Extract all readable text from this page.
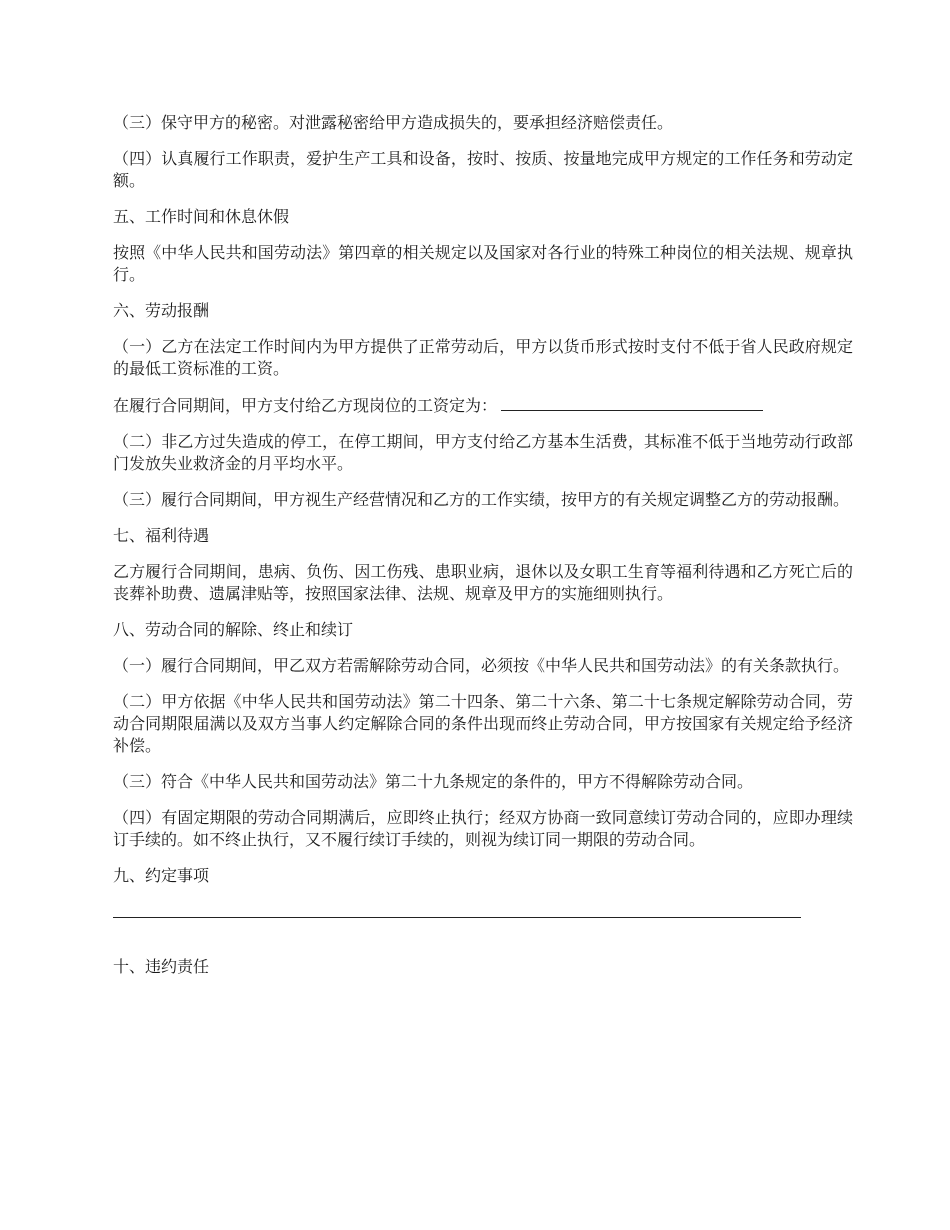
（三）保守甲方的秘密。对泄露秘密给甲方造成损失的，要承担经济赔偿责任。

（四）认真履行工作职责，爱护生产工具和设备，按时、按质、按量地完成甲方规定的工作任务和劳动定额。

五、工作时间和休息休假

按照《中华人民共和国劳动法》第四章的相关规定以及国家对各行业的特殊工种岗位的相关法规、规章执行。

六、劳动报酬

（一）乙方在法定工作时间内为甲方提供了正常劳动后，甲方以货币形式按时支付不低于省人民政府规定的最低工资标准的工资。

在履行合同期间，甲方支付给乙方现岗位的工资定为：

（二）非乙方过失造成的停工，在停工期间，甲方支付给乙方基本生活费，其标准不低于当地劳动行政部门发放失业救济金的月平均水平。

（三）履行合同期间，甲方视生产经营情况和乙方的工作实绩，按甲方的有关规定调整乙方的劳动报酬。

七、福利待遇

乙方履行合同期间，患病、负伤、因工伤残、患职业病，退休以及女职工生育等福利待遇和乙方死亡后的丧葬补助费、遗属津贴等，按照国家法律、法规、规章及甲方的实施细则执行。

八、劳动合同的解除、终止和续订

（一）履行合同期间，甲乙双方若需解除劳动合同，必须按《中华人民共和国劳动法》的有关条款执行。

（二）甲方依据《中华人民共和国劳动法》第二十四条、第二十六条、第二十七条规定解除劳动合同，劳动合同期限届满以及双方当事人约定解除合同的条件出现而终止劳动合同，甲方按国家有关规定给予经济补偿。

（三）符合《中华人民共和国劳动法》第二十九条规定的条件的，甲方不得解除劳动合同。

（四）有固定期限的劳动合同期满后，应即终止执行；经双方协商一致同意续订劳动合同的，应即办理续订手续的。如不终止执行，又不履行续订手续的，则视为续订同一期限的劳动合同。

九、约定事项

十、违约责任
